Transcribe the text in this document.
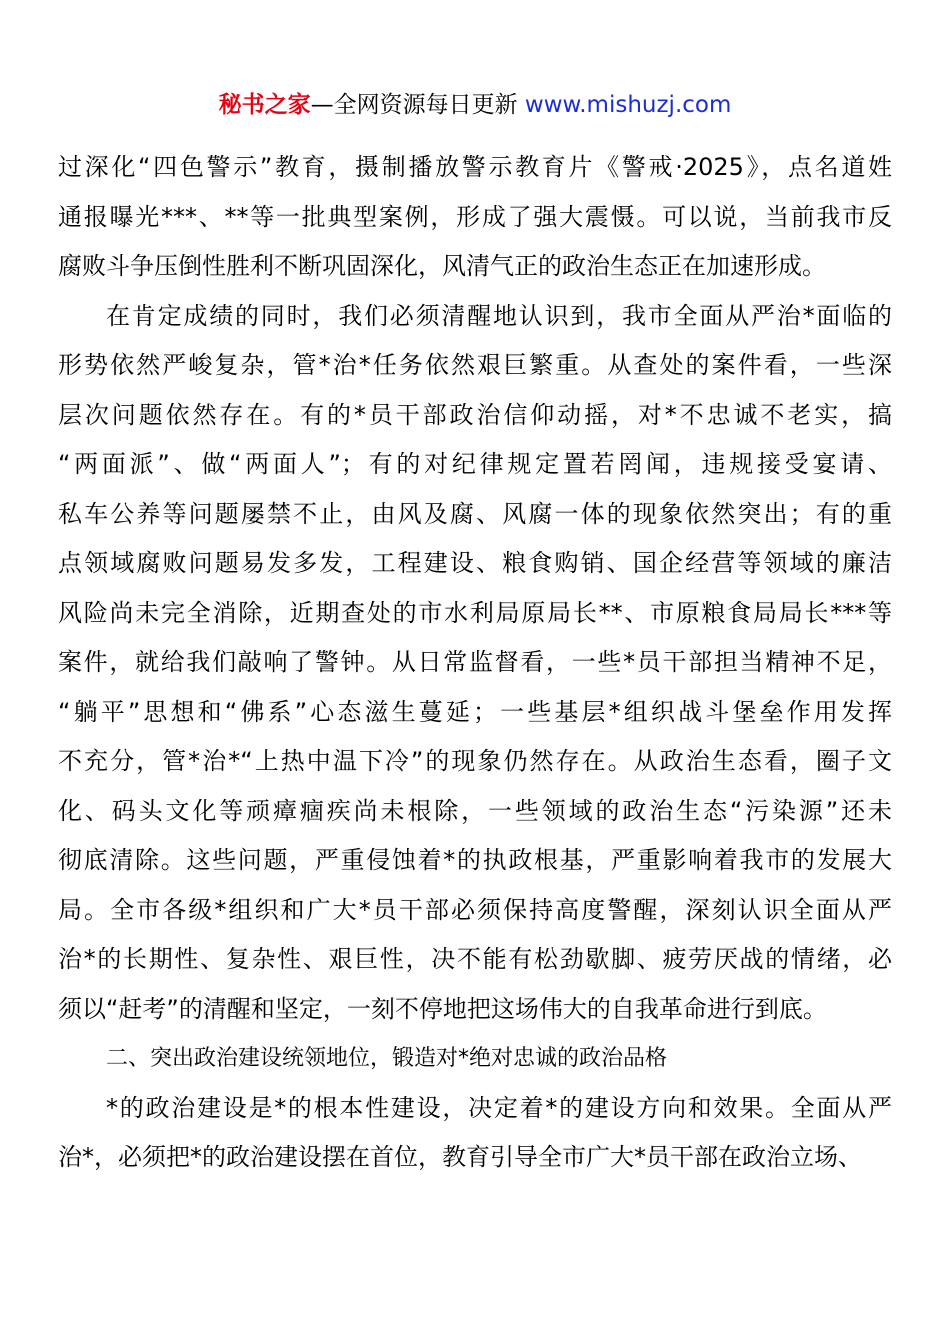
秘书之家—全网资源每日更新 www.mishuzj.com
过深化“四色警示”教育，摄制播放警示教育片《警戒·2025》，点名道姓
通报曝光***、**等一批典型案例，形成了强大震慑。可以说，当前我市反
腐败斗争压倒性胜利不断巩固深化，风清气正的政治生态正在加速形成。
在肯定成绩的同时，我们必须清醒地认识到，我市全面从严治*面临的
形势依然严峻复杂，管*治*任务依然艰巨繁重。从查处的案件看，一些深
层次问题依然存在。有的*员干部政治信仰动摇，对*不忠诚不老实，搞
“两面派”、做“两面人”；有的对纪律规定置若罔闻，违规接受宴请、
私车公养等问题屡禁不止，由风及腐、风腐一体的现象依然突出；有的重
点领域腐败问题易发多发，工程建设、粮食购销、国企经营等领域的廉洁
风险尚未完全消除，近期查处的市水利局原局长**、市原粮食局局长***等
案件，就给我们敲响了警钟。从日常监督看，一些*员干部担当精神不足，
“躺平”思想和“佛系”心态滋生蔓延；一些基层*组织战斗堡垒作用发挥
不充分，管*治*“上热中温下冷”的现象仍然存在。从政治生态看，圈子文
化、码头文化等顽瘴痼疾尚未根除，一些领域的政治生态“污染源”还未
彻底清除。这些问题，严重侵蚀着*的执政根基，严重影响着我市的发展大
局。全市各级*组织和广大*员干部必须保持高度警醒，深刻认识全面从严
治*的长期性、复杂性、艰巨性，决不能有松劲歇脚、疲劳厌战的情绪，必
须以“赶考”的清醒和坚定，一刻不停地把这场伟大的自我革命进行到底。
二、突出政治建设统领地位，锻造对*绝对忠诚的政治品格
*的政治建设是*的根本性建设，决定着*的建设方向和效果。全面从严
治*，必须把*的政治建设摆在首位，教育引导全市广大*员干部在政治立场、
